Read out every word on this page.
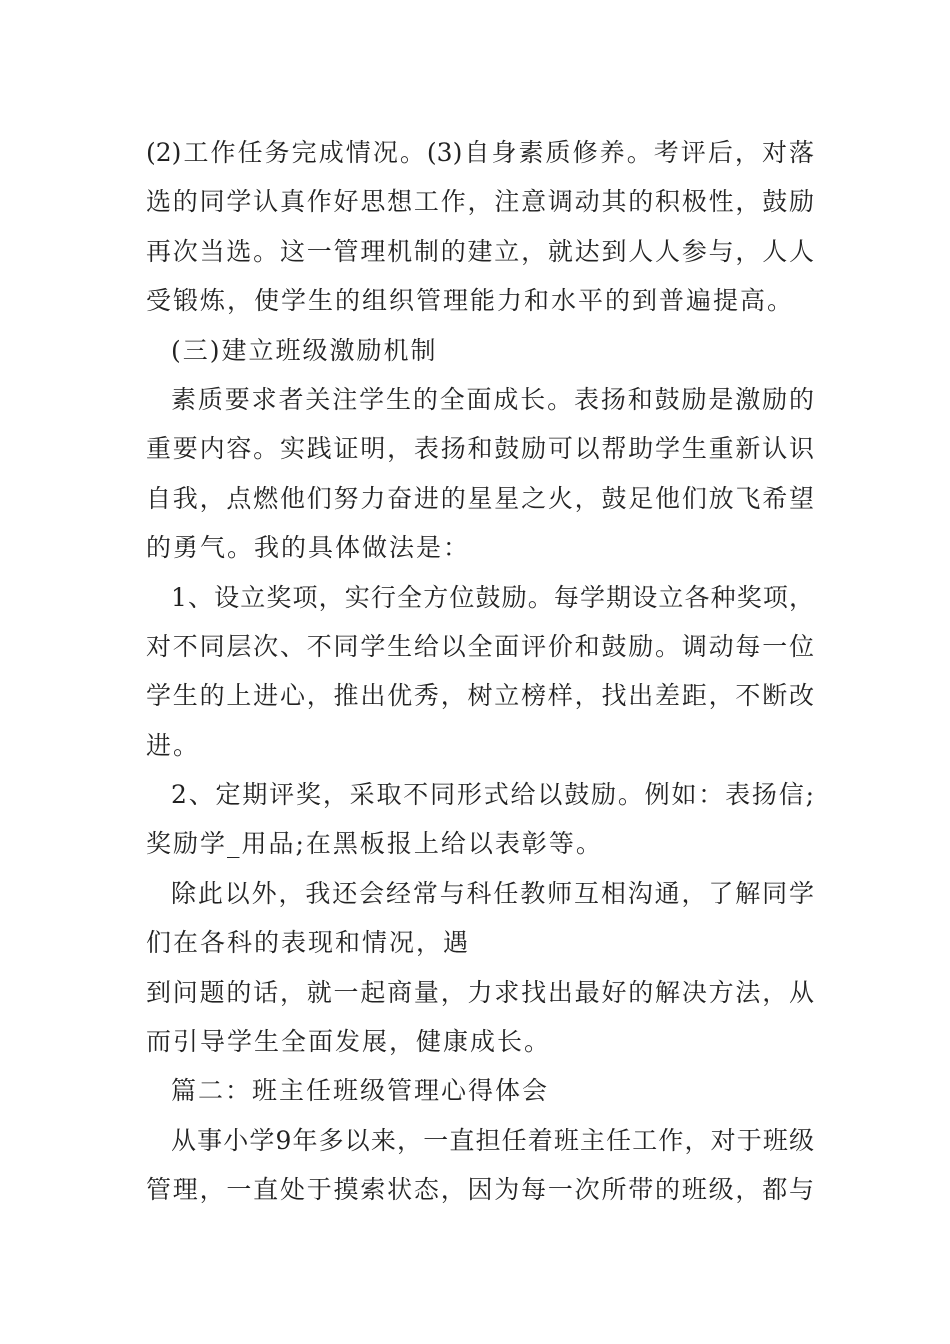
(2)工作任务完成情况。(3)自身素质修养。考评后，对落
选的同学认真作好思想工作，注意调动其的积极性，鼓励
再次当选。这一管理机制的建立，就达到人人参与，人人
受锻炼，使学生的组织管理能力和水平的到普遍提高。
(三)建立班级激励机制
素质要求者关注学生的全面成长。表扬和鼓励是激励的
重要内容。实践证明，表扬和鼓励可以帮助学生重新认识
自我，点燃他们努力奋进的星星之火，鼓足他们放飞希望
的勇气。我的具体做法是：
1、设立奖项，实行全方位鼓励。每学期设立各种奖项，
对不同层次、不同学生给以全面评价和鼓励。调动每一位
学生的上进心，推出优秀，树立榜样，找出差距，不断改
进。
2、定期评奖，采取不同形式给以鼓励。例如：表扬信;
奖励学_用品;在黑板报上给以表彰等。
除此以外，我还会经常与科任教师互相沟通，了解同学
们在各科的表现和情况，遇
到问题的话，就一起商量，力求找出最好的解决方法，从
而引导学生全面发展，健康成长。
篇二：班主任班级管理心得体会
从事小学9年多以来，一直担任着班主任工作，对于班级
管理，一直处于摸索状态，因为每一次所带的班级，都与
